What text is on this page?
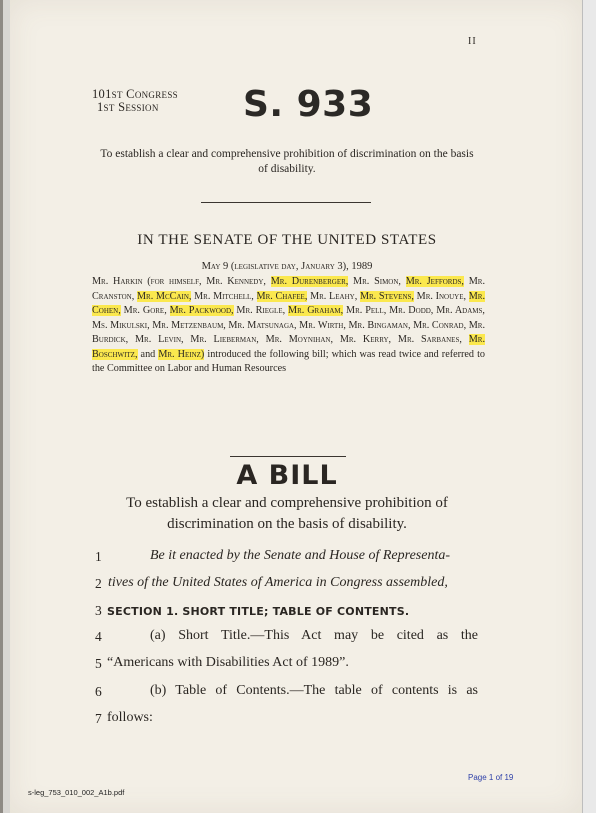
II
101st Congress
1st Session	S. 933
To establish a clear and comprehensive prohibition of discrimination on the basis of disability.
IN THE SENATE OF THE UNITED STATES
May 9 (legislative day, January 3), 1989
Mr. Harkin (for himself, Mr. Kennedy, Mr. Durenberger, Mr. Simon, Mr. Jeffords, Mr. Cranston, Mr. McCain, Mr. Mitchell, Mr. Chafee, Mr. Leahy, Mr. Stevens, Mr. Inouye, Mr. Cohen, Mr. Gore, Mr. Packwood, Mr. Riegle, Mr. Graham, Mr. Pell, Mr. Dodd, Mr. Adams, Ms. Mikulski, Mr. Metzenbaum, Mr. Matsunaga, Mr. Wirth, Mr. Bingaman, Mr. Conrad, Mr. Burdick, Mr. Levin, Mr. Lieberman, Mr. Moynihan, Mr. Kerry, Mr. Sarbanes, Mr. Boschwitz, and Mr. Heinz) introduced the following bill; which was read twice and referred to the Committee on Labor and Human Resources
A BILL
To establish a clear and comprehensive prohibition of
discrimination on the basis of disability.
1	Be it enacted by the Senate and House of Representa-
2 tives of the United States of America in Congress assembled,
3 SECTION 1. SHORT TITLE; TABLE OF CONTENTS.
4	(a) Short Title.—This Act may be cited as the
5 “Americans with Disabilities Act of 1989”.
6	(b) Table of Contents.—The table of contents is as
7 follows:
Page 1 of 19
s-leg_753_010_002_A1b.pdf
